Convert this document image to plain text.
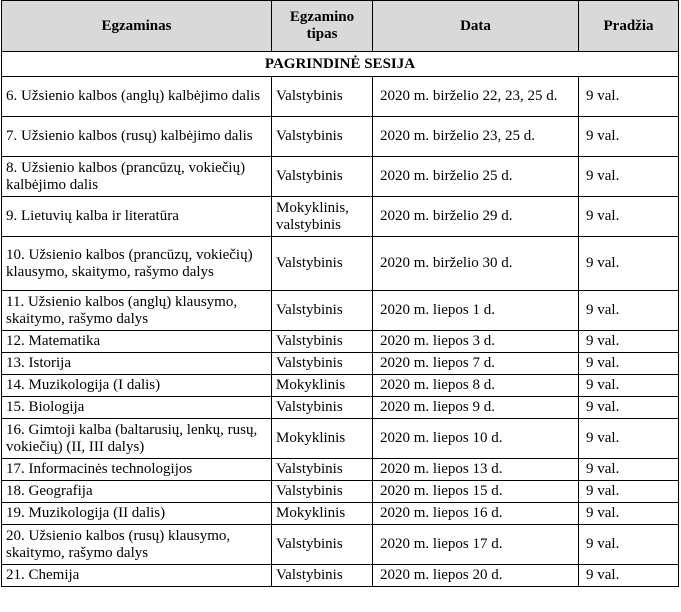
Egzaminas	Egzamino tipas	Data	Pradžia
PAGRINDINĖ SESIJA			
6. Užsienio kalbos (anglų) kalbėjimo dalis	Valstybinis	2020 m. birželio 22, 23, 25 d.	9 val.
7. Užsienio kalbos (rusų) kalbėjimo dalis	Valstybinis	2020 m. birželio 23, 25 d.	9 val.
8. Užsienio kalbos (prancūzų, vokiečių) kalbėjimo dalis	Valstybinis	2020 m. birželio 25 d.	9 val.
9. Lietuvių kalba ir literatūra	Mokyklinis, valstybinis	2020 m. birželio 29 d.	9 val.
10. Užsienio kalbos (prancūzų, vokiečių) klausymo, skaitymo, rašymo dalys	Valstybinis	2020 m. birželio 30 d.	9 val.
11. Užsienio kalbos (anglų) klausymo, skaitymo, rašymo dalys	Valstybinis	2020 m. liepos 1 d.	9 val.
12. Matematika	Valstybinis	2020 m. liepos 3 d.	9 val.
13. Istorija	Valstybinis	2020 m. liepos 7 d.	9 val.
14. Muzikologija (I dalis)	Mokyklinis	2020 m. liepos 8 d.	9 val.
15. Biologija	Valstybinis	2020 m. liepos 9 d.	9 val.
16. Gimtoji kalba (baltarusių, lenkų, rusų, vokiečių) (II, III dalys)	Mokyklinis	2020 m. liepos 10 d.	9 val.
17. Informacinės technologijos	Valstybinis	2020 m. liepos 13 d.	9 val.
18. Geografija	Valstybinis	2020 m. liepos 15 d.	9 val.
19. Muzikologija (II dalis)	Mokyklinis	2020 m. liepos 16 d.	9 val.
20. Užsienio kalbos (rusų) klausymo, skaitymo, rašymo dalys	Valstybinis	2020 m. liepos 17 d.	9 val.
21. Chemija	Valstybinis	2020 m. liepos 20 d.	9 val.
